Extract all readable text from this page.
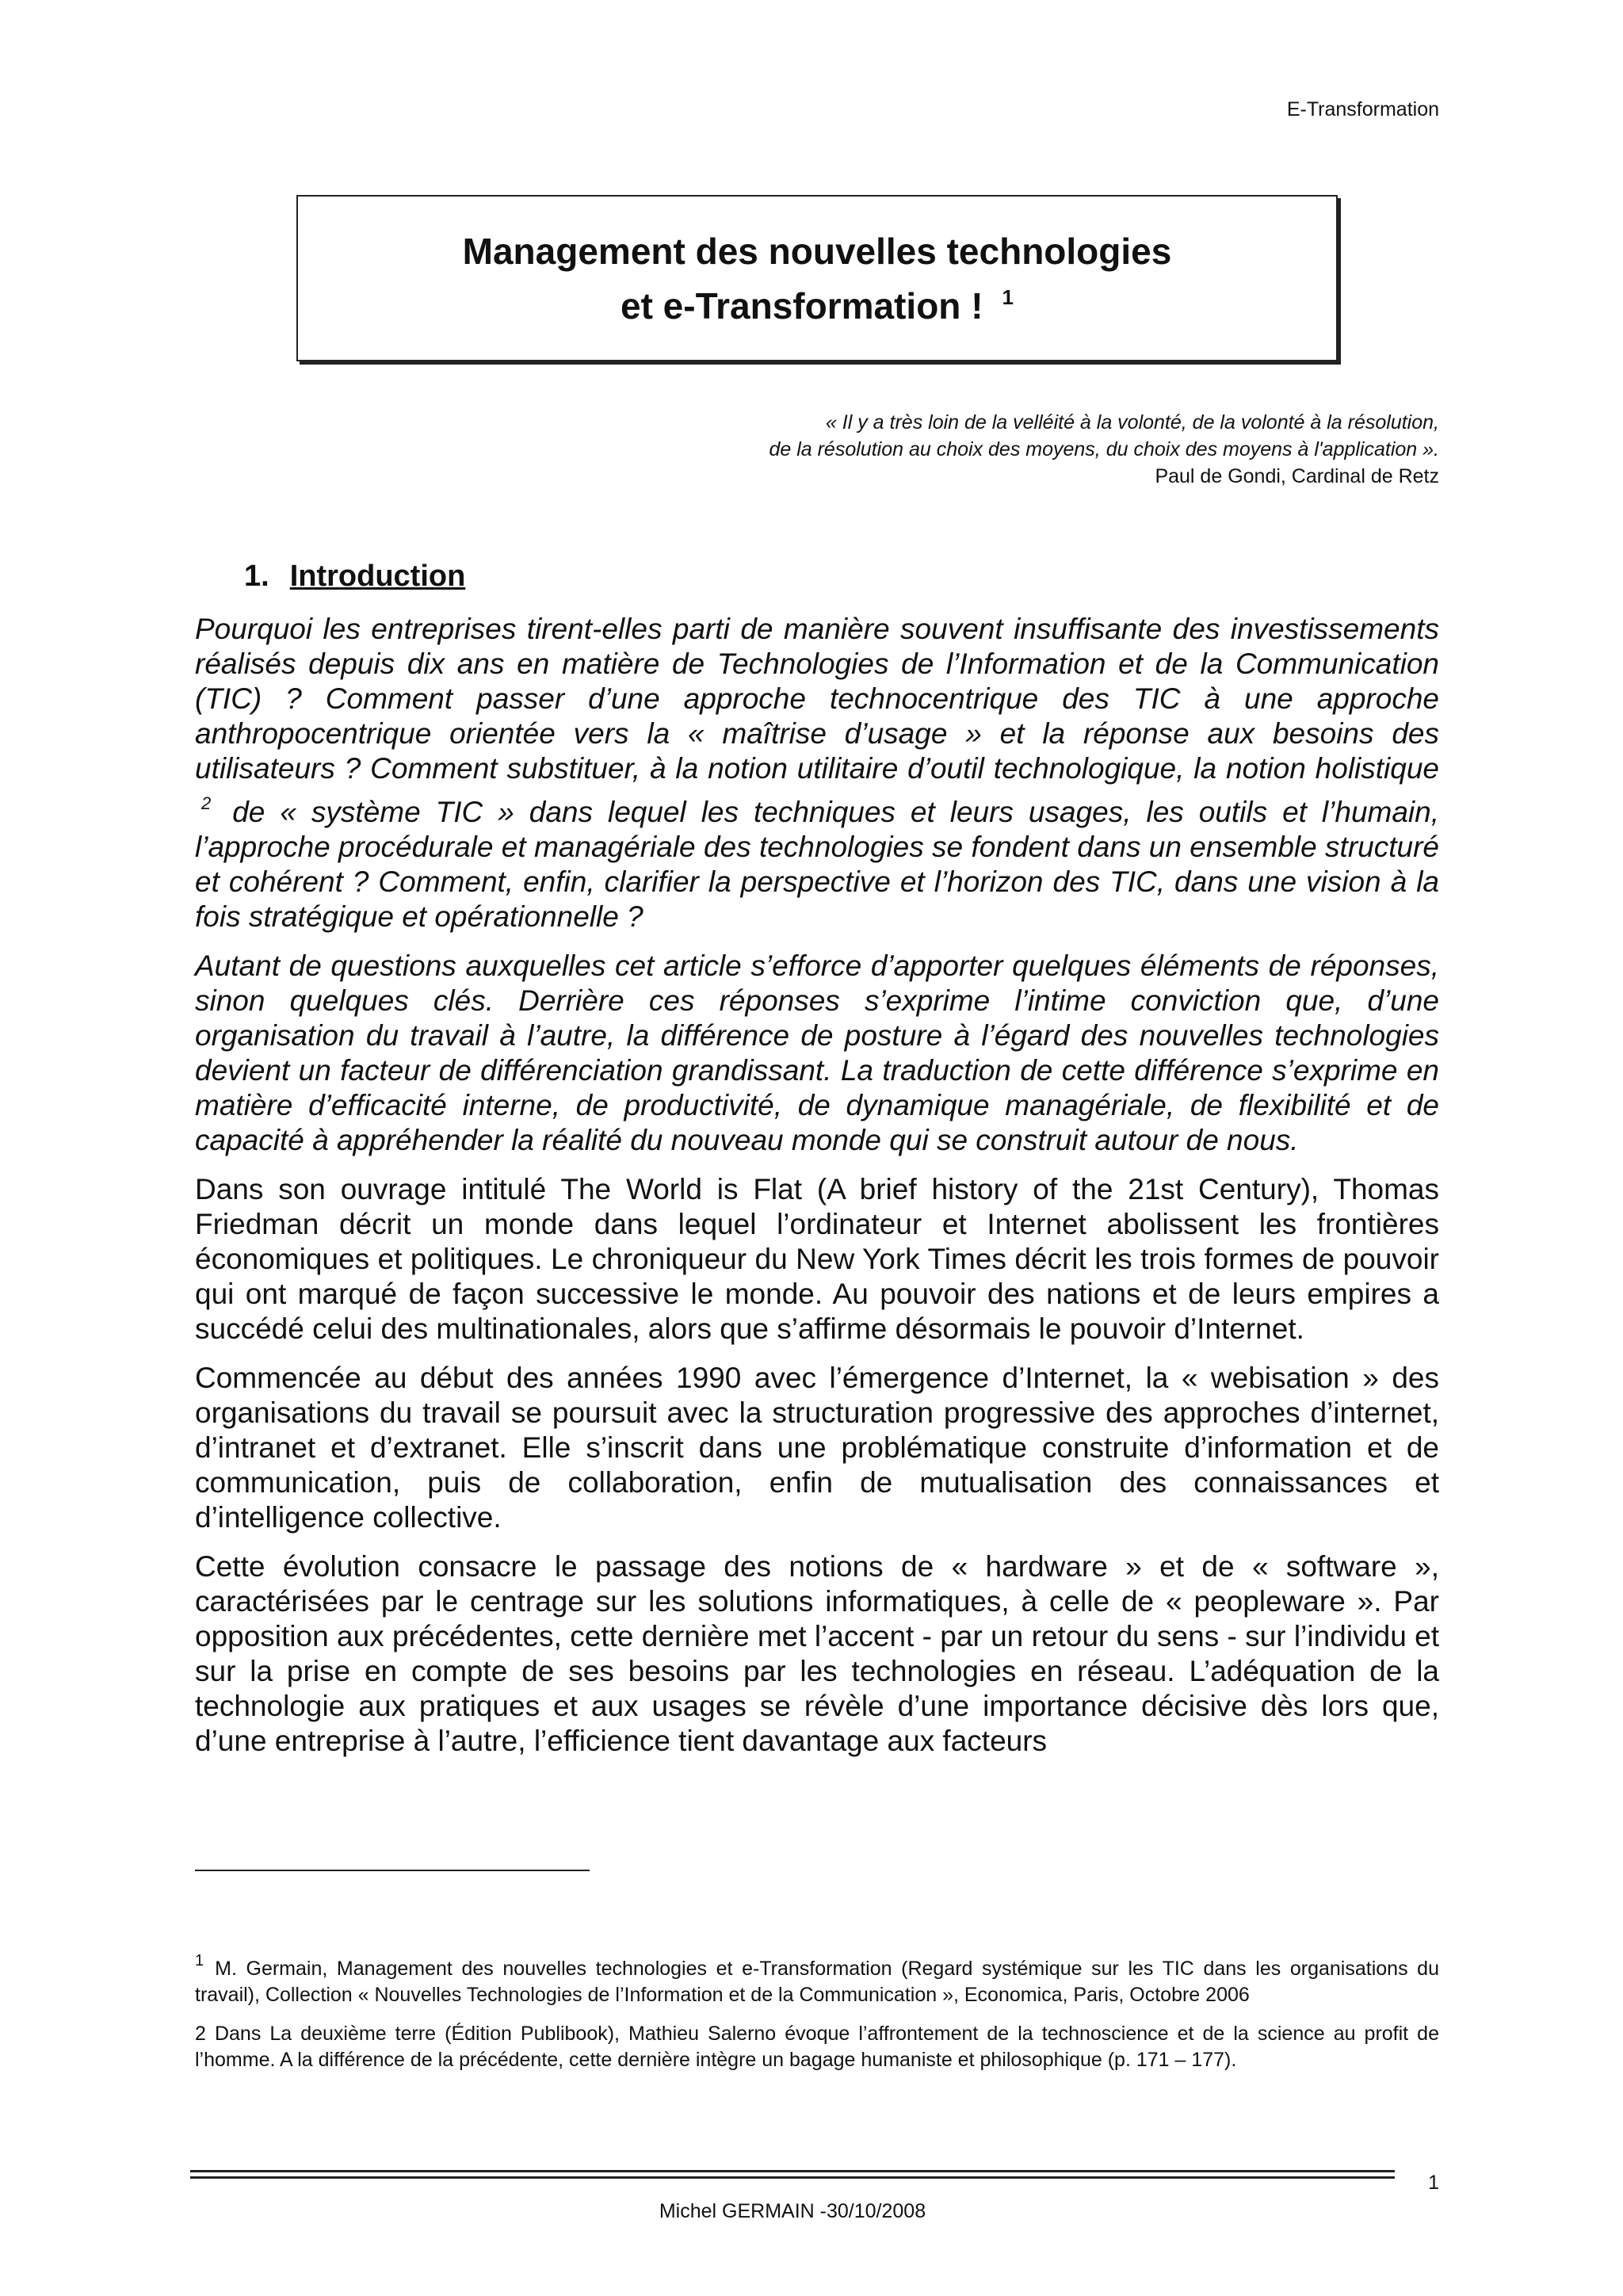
E-Transformation
Management des nouvelles technologies
et e-Transformation ! $^1$
« Il y a très loin de la velléité à la volonté, de la volonté à la résolution,
de la résolution au choix des moyens, du choix des moyens à l'application ».
Paul de Gondi, Cardinal de Retz
1. Introduction

Pourquoi les entreprises tirent-elles parti de manière souvent insuffisante des investissements réalisés depuis dix ans en matière de Technologies de l’Information et de la Communication (TIC) ? Comment passer d’une approche technocentrique des TIC à une approche anthropocentrique orientée vers la « maîtrise d’usage » et la réponse aux besoins des utilisateurs ? Comment substituer, à la notion utilitaire d’outil technologique, la notion holistique $^2$ de « système TIC » dans lequel les techniques et leurs usages, les outils et l’humain, l’approche procédurale et managériale des technologies se fondent dans un ensemble structuré et cohérent ? Comment, enfin, clarifier la perspective et l’horizon des TIC, dans une vision à la fois stratégique et opérationnelle ?

Autant de questions auxquelles cet article s’efforce d’apporter quelques éléments de réponses, sinon quelques clés. Derrière ces réponses s’exprime l’intime conviction que, d’une organisation du travail à l’autre, la différence de posture à l’égard des nouvelles technologies devient un facteur de différenciation grandissant. La traduction de cette différence s’exprime en matière d’efficacité interne, de productivité, de dynamique managériale, de flexibilité et de capacité à appréhender la réalité du nouveau monde qui se construit autour de nous.

Dans son ouvrage intitulé The World is Flat (A brief history of the 21st Century), Thomas Friedman décrit un monde dans lequel l’ordinateur et Internet abolissent les frontières économiques et politiques. Le chroniqueur du New York Times décrit les trois formes de pouvoir qui ont marqué de façon successive le monde. Au pouvoir des nations et de leurs empires a succédé celui des multinationales, alors que s’affirme désormais le pouvoir d’Internet.

Commencée au début des années 1990 avec l’émergence d’Internet, la « webisation » des organisations du travail se poursuit avec la structuration progressive des approches d’internet, d’intranet et d’extranet. Elle s’inscrit dans une problématique construite d’information et de communication, puis de collaboration, enfin de mutualisation des connaissances et d’intelligence collective.

Cette évolution consacre le passage des notions de « hardware » et de « software », caractérisées par le centrage sur les solutions informatiques, à celle de « peopleware ». Par opposition aux précédentes, cette dernière met l’accent - par un retour du sens - sur l’individu et sur la prise en compte de ses besoins par les technologies en réseau. L’adéquation de la technologie aux pratiques et aux usages se révèle d’une importance décisive dès lors que, d’une entreprise à l’autre, l’efficience tient davantage aux facteurs

$^1$ M. Germain, Management des nouvelles technologies et e-Transformation (Regard systémique sur les TIC dans les organisations du travail), Collection « Nouvelles Technologies de l’Information et de la Communication », Economica, Paris, Octobre 2006

2 Dans La deuxième terre (Édition Publibook), Mathieu Salerno évoque l’affrontement de la technoscience et de la science au profit de l’homme. A la différence de la précédente, cette dernière intègre un bagage humaniste et philosophique (p. 171 – 177).

1
Michel GERMAIN -30/10/2008
